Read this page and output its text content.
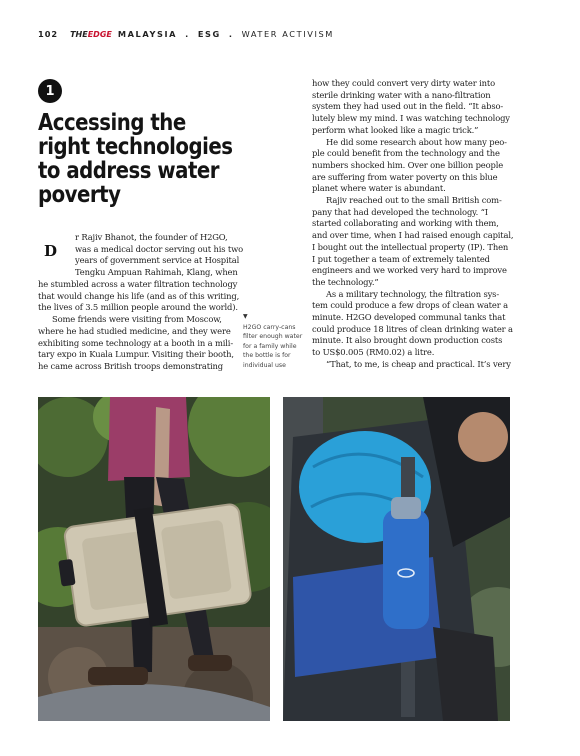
102 THEEDGE MALAYSIA . ESG . WATER ACTIVISM
1
Accessing the
right technologies
to address water
poverty
D
r Rajiv Bhanot, the founder of H2GO,
was a medical doctor serving out his two
years of government service at Hospital
Tengku Ampuan Rahimah, Klang, when
he stumbled across a water filtration technology
that would change his life (and as of this writing,
the lives of 3.5 million people around the world).
Some friends were visiting from Moscow,
where he had studied medicine, and they were
exhibiting some technology at a booth in a mili-
tary expo in Kuala Lumpur. Visiting their booth,
he came across British troops demonstrating
▼
H2GO carry-cans
filter enough water
for a family while
the bottle is for
individual use
how they could convert very dirty water into
sterile drinking water with a nano-filtration
system they had used out in the field. “It abso-
lutely blew my mind. I was watching technology
perform what looked like a magic trick.”
He did some research about how many peo-
ple could benefit from the technology and the
numbers shocked him. Over one billion people
are suffering from water poverty on this blue
planet where water is abundant.
Rajiv reached out to the small British com-
pany that had developed the technology. “I
started collaborating and working with them,
and over time, when I had raised enough capital,
I bought out the intellectual property (IP). Then
I put together a team of extremely talented
engineers and we worked very hard to improve
the technology.”
As a military technology, the filtration sys-
tem could produce a few drops of clean water a
minute. H2GO developed communal tanks that
could produce 18 litres of clean drinking water a
minute. It also brought down production costs
to US$0.005 (RM0.02) a litre.
“That, to me, is cheap and practical. It’s very
